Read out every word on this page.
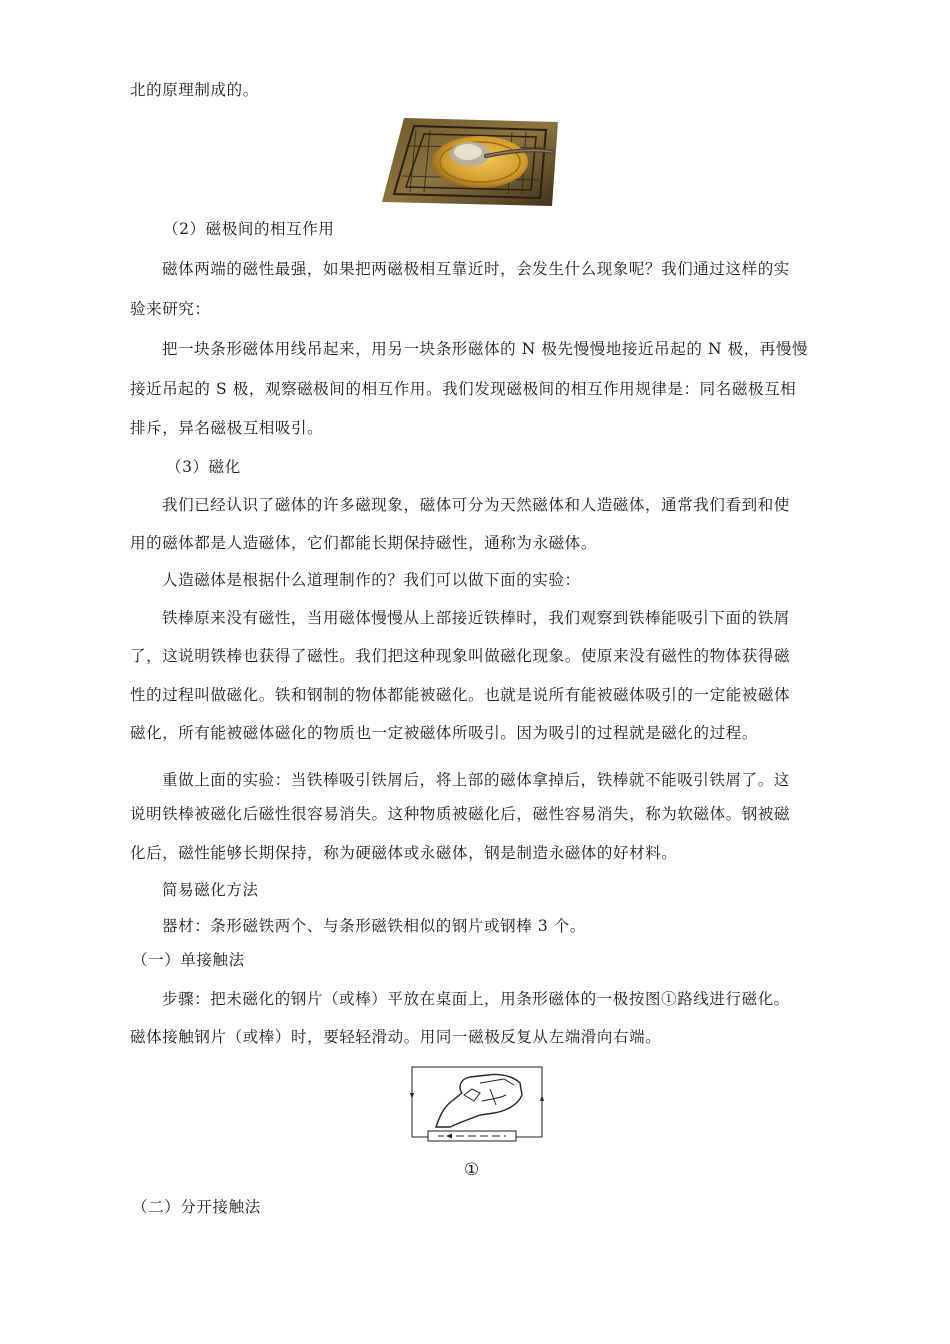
北的原理制成的。
（2）磁极间的相互作用
磁体两端的磁性最强，如果把两磁极相互靠近时，会发生什么现象呢？我们通过这样的实
验来研究：
把一块条形磁体用线吊起来，用另一块条形磁体的 N 极先慢慢地接近吊起的 N 极，再慢慢
接近吊起的 S 极，观察磁极间的相互作用。我们发现磁极间的相互作用规律是：同名磁极互相
排斥，异名磁极互相吸引。
（3）磁化
我们已经认识了磁体的许多磁现象，磁体可分为天然磁体和人造磁体，通常我们看到和使
用的磁体都是人造磁体，它们都能长期保持磁性，通称为永磁体。
人造磁体是根据什么道理制作的？我们可以做下面的实验：
铁棒原来没有磁性，当用磁体慢慢从上部接近铁棒时，我们观察到铁棒能吸引下面的铁屑
了，这说明铁棒也获得了磁性。我们把这种现象叫做磁化现象。使原来没有磁性的物体获得磁
性的过程叫做磁化。铁和钢制的物体都能被磁化。也就是说所有能被磁体吸引的一定能被磁体
磁化，所有能被磁体磁化的物质也一定被磁体所吸引。因为吸引的过程就是磁化的过程。
重做上面的实验：当铁棒吸引铁屑后，将上部的磁体拿掉后，铁棒就不能吸引铁屑了。这
说明铁棒被磁化后磁性很容易消失。这种物质被磁化后，磁性容易消失，称为软磁体。钢被磁
化后，磁性能够长期保持，称为硬磁体或永磁体，钢是制造永磁体的好材料。
简易磁化方法
器材：条形磁铁两个、与条形磁铁相似的钢片或钢棒 3 个。
（一）单接触法
步骤：把未磁化的钢片（或棒）平放在桌面上，用条形磁体的一极按图①路线进行磁化。
磁体接触钢片（或棒）时，要轻轻滑动。用同一磁极反复从左端滑向右端。
①
（二）分开接触法
